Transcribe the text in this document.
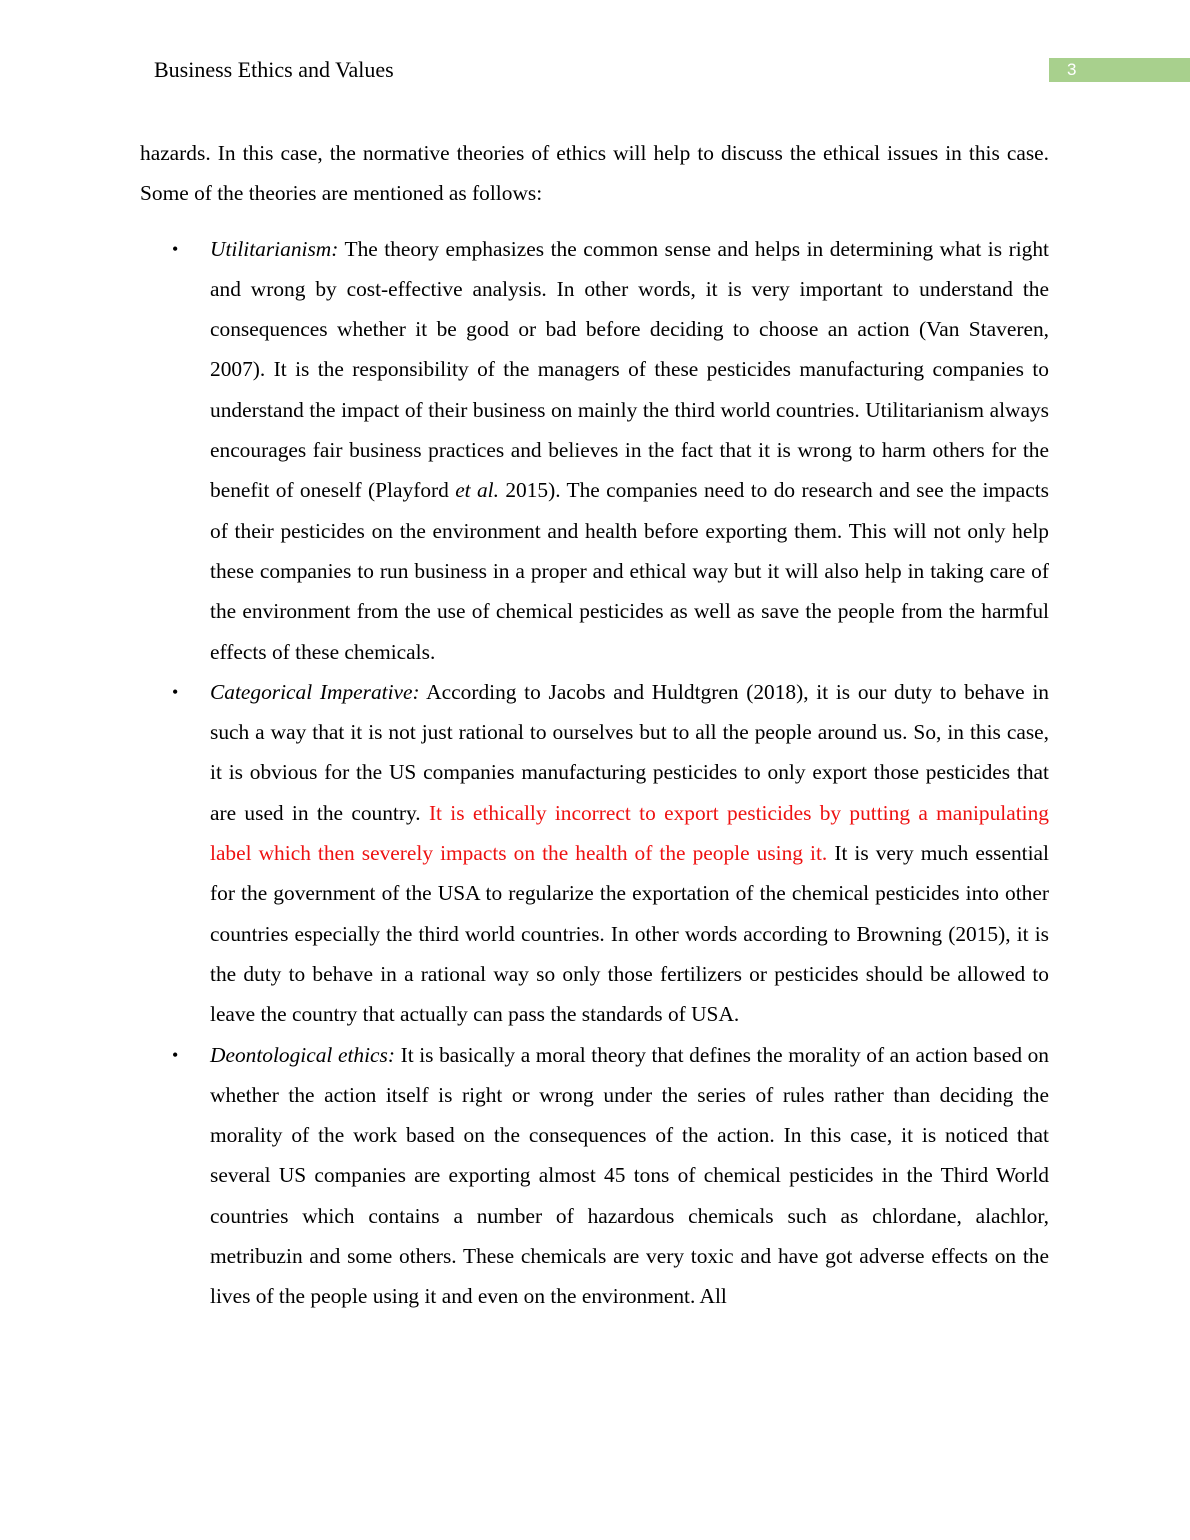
Business Ethics and Values	3

hazards. In this case, the normative theories of ethics will help to discuss the ethical issues in this case. Some of the theories are mentioned as follows:

• Utilitarianism: The theory emphasizes the common sense and helps in determining what is right and wrong by cost-effective analysis. In other words, it is very important to understand the consequences whether it be good or bad before deciding to choose an action (Van Staveren, 2007). It is the responsibility of the managers of these pesticides manufacturing companies to understand the impact of their business on mainly the third world countries. Utilitarianism always encourages fair business practices and believes in the fact that it is wrong to harm others for the benefit of oneself (Playford et al. 2015). The companies need to do research and see the impacts of their pesticides on the environment and health before exporting them. This will not only help these companies to run business in a proper and ethical way but it will also help in taking care of the environment from the use of chemical pesticides as well as save the people from the harmful effects of these chemicals.
• Categorical Imperative: According to Jacobs and Huldtgren (2018), it is our duty to behave in such a way that it is not just rational to ourselves but to all the people around us. So, in this case, it is obvious for the US companies manufacturing pesticides to only export those pesticides that are used in the country. It is ethically incorrect to export pesticides by putting a manipulating label which then severely impacts on the health of the people using it. It is very much essential for the government of the USA to regularize the exportation of the chemical pesticides into other countries especially the third world countries. In other words according to Browning (2015), it is the duty to behave in a rational way so only those fertilizers or pesticides should be allowed to leave the country that actually can pass the standards of USA.
• Deontological ethics: It is basically a moral theory that defines the morality of an action based on whether the action itself is right or wrong under the series of rules rather than deciding the morality of the work based on the consequences of the action. In this case, it is noticed that several US companies are exporting almost 45 tons of chemical pesticides in the Third World countries which contains a number of hazardous chemicals such as chlordane, alachlor, metribuzin and some others. These chemicals are very toxic and have got adverse effects on the lives of the people using it and even on the environment. All
